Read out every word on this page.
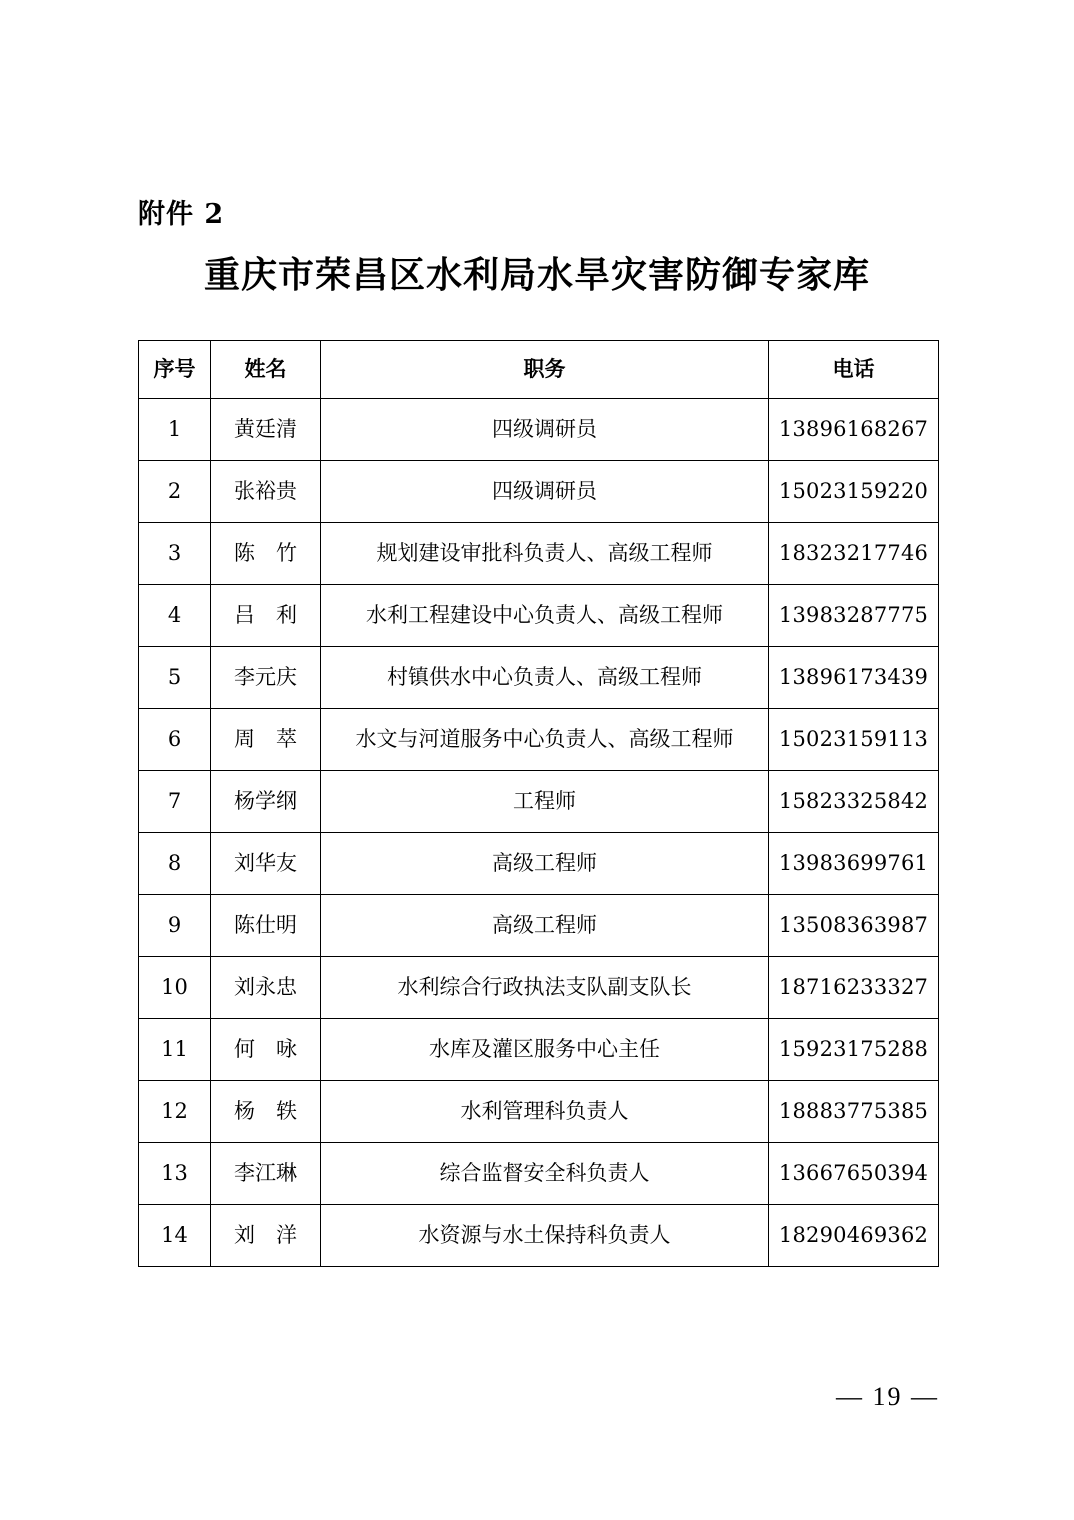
附件 2
重庆市荣昌区水利局水旱灾害防御专家库
序号	姓名	职务	电话
1	黄廷清	四级调研员	13896168267
2	张裕贵	四级调研员	15023159220
3	陈　竹	规划建设审批科负责人、高级工程师	18323217746
4	吕　利	水利工程建设中心负责人、高级工程师	13983287775
5	李元庆	村镇供水中心负责人、高级工程师	13896173439
6	周　萃	水文与河道服务中心负责人、高级工程师	15023159113
7	杨学纲	工程师	15823325842
8	刘华友	高级工程师	13983699761
9	陈仕明	高级工程师	13508363987
10	刘永忠	水利综合行政执法支队副支队长	18716233327
11	何　咏	水库及灌区服务中心主任	15923175288
12	杨　轶	水利管理科负责人	18883775385
13	李江琳	综合监督安全科负责人	13667650394
14	刘　洋	水资源与水土保持科负责人	18290469362
— 19 —
